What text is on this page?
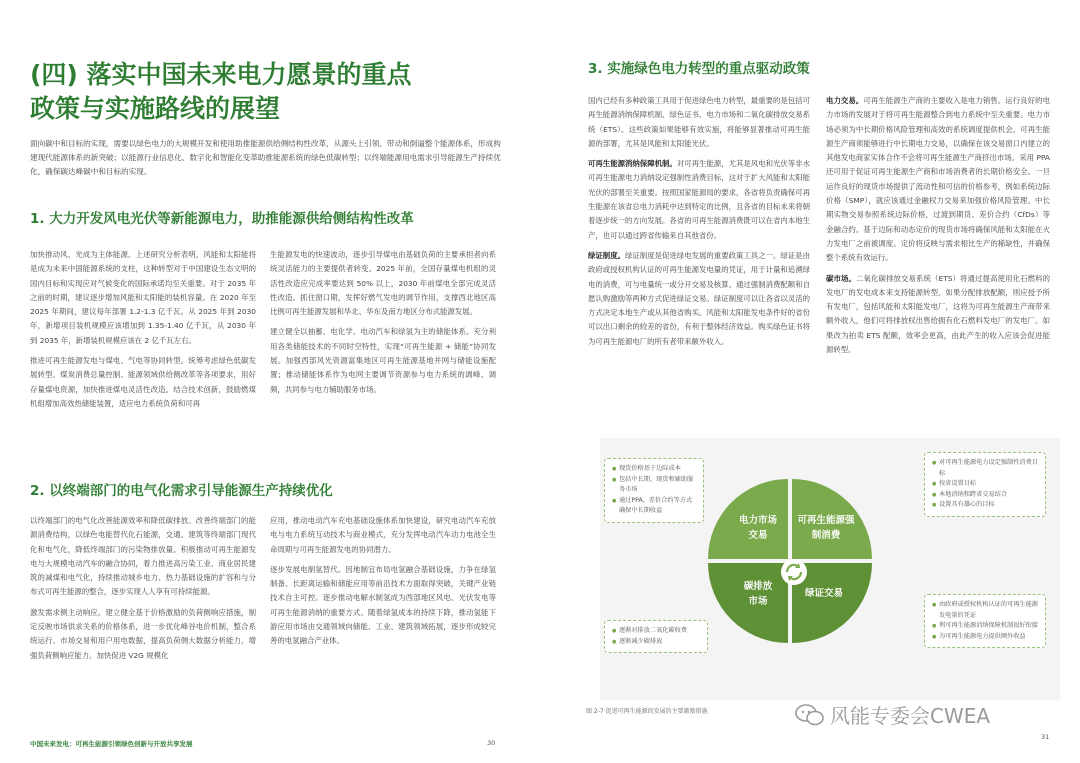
(四) 落实中国未来电力愿景的重点政策与实施路线的展望
面向碳中和目标的实现，需要以绿色电力的大规模开发和使用助推能源供给侧结构性改革，从源头上引领、带动和倒逼整个能源体系，形成构建现代能源体系的新突破；以能源行业信息化、数字化和智能化变革助推能源系统的绿色低碳转型；以终端能源用电需求引导能源生产持续优化，确保碳达峰碳中和目标的实现。
1. 大力开发风电光伏等新能源电力，助推能源供给侧结构性改革

加快推动风、光成为主体能源。上述研究分析表明，风能和太阳能将是成为未来中国能源系统的支柱，这种转型对于中国建设生态文明的国内目标和实现应对气候变化的国际承诺均至关重要。对于 2035 年之前的时期，建议逐步增加风能和太阳能的装机容量。在 2020 年至 2025 年期间，建议每年部署 1.2-1.3 亿千瓦。从 2025 年到 2030 年，新增项目装机规模应该增加到 1.35-1.40 亿千瓦，从 2030 年到 2035 年，新增装机规模应该在 2 亿千瓦左右。

推进可再生能源发电与煤电、气电等协同转型。统筹考虑绿色低碳发展转型、煤炭消费总量控制、能源领域供给侧改革等各项要求，用好存量煤电资源，加快推进煤电灵活性改造。结合技术创新，鼓励燃煤机组增加高效热储能装置，适应电力系统负荷和可再

生能源发电的快速波动，逐步引导煤电由基础负荷的主要承担者向系统灵活能力的主要提供者转变。2025 年前，全国存量煤电机组的灵活性改造应完成率要达到 50% 以上，2030 年前煤电全部完成灵活性改造。抓住窗口期，发挥好燃气发电的调节作用，支撑西北地区高比例可再生能源发展和华北、华东及南方地区分布式能源发展。

建立健全以抽蓄、电化学、电动汽车和绿氢为主的储能体系。充分利用各类储能技术的不同时空特性，实现“可再生能源 + 储能”协同发展。加强西部风光资源富集地区可再生能源基地并网与储能设施配置；推动储能体系作为电网主要调节资源参与电力系统的调峰、调频，共同参与电力辅助服务市场。

2. 以终端部门的电气化需求引导能源生产持续优化

以终端部门的电气化改善能源效率和降低碳排放。改善终端部门的能源消费结构，以绿色电能替代化石能源，交通、建筑等终端部门现代化和电气化，降低终端部门的污染物排放量。积极推动可再生能源发电与大规模电动汽车的融合协同，着力推进高污染工业、商业居民建筑的减煤和电气化，持续推动城乡电力、热力基础设施的扩容和与分布式可再生能源的整合，逐步实现人人享有可持续能源。

激发需求侧主动响应。建立健全基于价格激励的负荷侧响应措施，制定反映市场供求关系的价格体系，进一步优化峰谷电价机制，整合系统运行、市场交易和用户用电数据，提高负荷侧大数据分析能力，增强负荷侧响应能力。加快促进 V2G 规模化

应用，推动电动汽车充电基础设施体系加快建设，研究电动汽车充放电与电力系统互动技术与商业模式，充分发挥电动汽车动力电池全生命周期与可再生能源发电的协同潜力。

逐步发展电制氢替代。因地制宜布局电氢融合基础设施，力争在绿氢制备、长距离运输和储能应用等前沿技术方面取得突破，关键产业链技术自主可控。逐步推动电解水制氢成为西部地区风电、光伏发电等可再生能源消纳的重要方式。随着绿氢成本的持续下降，推动氢能下游应用市场由交通领域向储能、工业、建筑领域拓展，逐步形成较完善的电氢融合产业体。

中国未来发电：可再生能源引领绿色创新与开放共享发展	30
3. 实施绿色电力转型的重点驱动政策

国内已经有多种政策工具用于促进绿色电力转型，最重要的是包括可再生能源消纳保障机制、绿色证书、电力市场和二氧化碳排放交易系统（ETS）。这些政策如果能够有效实施，将能够显著推动可再生能源的部署，尤其是风能和太阳能光伏。

可再生能源消纳保障机制。对可再生能源，尤其是风电和光伏等非水可再生能源电力消纳设定强制性消费目标，这对于扩大风能和太阳能光伏的部署至关重要。按照国家能源局的要求，各省将负责确保可再生能源在该省总电力消耗中达到特定的比例，且各省的目标未来将朝着逐步统一的方向发展。各省的可再生能源消费既可以在省内本地生产，也可以通过跨省传输来自其他省份。

绿证制度。绿证制度是促进绿电发展的重要政策工具之一。绿证是由政府或授权机构认证的可再生能源发电量的凭证，用于计量和追溯绿电的消费，可与电量统一或分开交易及核算。通过强制消费配额和自愿认购激励等两种方式促进绿证交易。绿证制度可以让各省以灵活的方式决定本地生产或从其他省购买。风能和太阳能发电条件好的省份可以出口剩余的较差的省份，有利于整体经济效益。购买绿色证书将为可再生能源电厂的所有者带来额外收入。

电力交易。可再生能源生产商的主要收入是电力销售。运行良好的电力市场的发展对于将可再生能源整合到电力系统中至关重要。电力市场必须为中长期价格风险管理和高效的系统调度提供机会。可再生能源生产商须能够进行中长期电力交易，以确保在该交易窗口内建立的其他发电商家实体合作不会将可再生能源生产商挤出市场。采用 PPA 还可用于促证可再生能源生产商和市场消费者的长期价格安全。一旦运作良好的现货市场提供了流动性和可信的价格参考，例如系统边际价格（SMP），就应该通过金融权力交易来加强价格风险管理。中长期实物交易参照系统边际价格，过渡到期货、差价合约（CfDs）等金融合约。基于边际和动态定价的现货市场将确保风能和太阳能在火力发电厂之前被调度。定价将反映与需求相比生产的稀缺性，并确保整个系统有效运行。

碳市场。二氧化碳排放交易系统（ETS）将通过提高使用化石燃料的发电厂的发电成本来支持能源转型。如果分配排放配额，则应授予所有发电厂，包括风能和太阳能发电厂，这将为可再生能源生产商带来额外收入，他们可将排放权出售给拥有化石燃料发电厂的发电厂。如果改为拍卖 ETS 配额，效率会更高，由此产生的收入应该会促进能源转型。

电力市场
交易
可再生能源强
制消费
碳排放
市场
绿证交易
● 现货价格基于边际成本
● 包括中长期、现货和辅助服务市场
● 通过PPA、差价合约等方式确保中长期收益
● 对可再生能源电力设定强制性消费目标
● 按省设置目标
● 本地消纳和跨省交易结合
● 设置具有雄心的目标
● 逐渐对排放二氧化碳收费
● 逐渐减少碳排放
● 由政府或授权机构认证的可再生能源发电量的凭证
● 利可再生能源消纳保障机制很好衔接
● 为可再生能源电力提供额外收益
图 2-7 促进可再生能源的发展的主要激励措施	风能专委会CWEA
31
